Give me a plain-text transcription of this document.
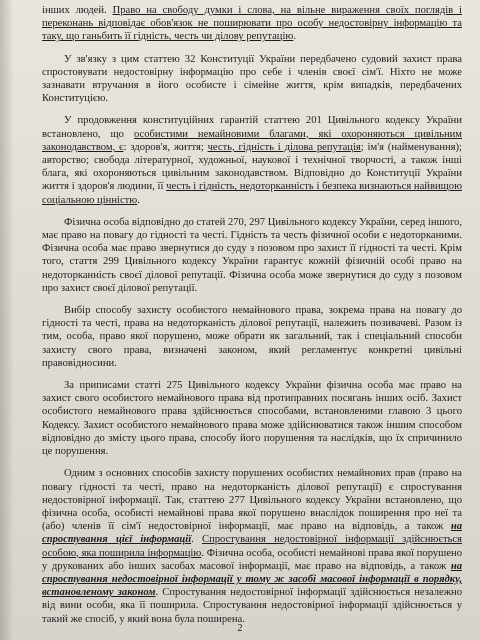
інших людей. Право на свободу думки і слова, на вільне вираження своїх поглядів і переконань відповідає обов'язок не поширювати про особу недостовірну інформацію та таку, що ганьбить її гідність, честь чи ділову репутацію.

У зв'язку з цим статтею 32 Конституції України передбачено судовий захист права спростовувати недостовірну інформацію про себе і членів своєї сім'ї. Ніхто не може зазнавати втручання в його особисте і сімейне життя, крім випадків, передбачених Конституцією.

У продовження конституційних гарантій статтею 201 Цивільного кодексу України встановлено, що особистими немайновими благами, які охороняються цивільним законодавством, є: здоров'я, життя; честь, гідність і ділова репутація; ім'я (найменування); авторство; свобода літературної, художньої, наукової і технічної творчості, а також інші блага, які охороняються цивільним законодавством. Відповідно до Конституції України життя і здоров'я людини, її честь і гідність, недоторканність і безпека визнаються найвищою соціальною цінністю.

Фізична особа відповідно до статей 270, 297 Цивільного кодексу України, серед іншого, має право на повагу до гідності та честі. Гідність та честь фізичної особи є недоторканими. Фізична особа має право звернутися до суду з позовом про захист її гідності та честі. Крім того, стаття 299 Цивільного кодексу України гарантує кожній фізичній особі право на недоторканність своєї ділової репутації. Фізична особа може звернутися до суду з позовом про захист своєї ділової репутації.

Вибір способу захисту особистого немайнового права, зокрема права на повагу до гідності та честі, права на недоторканість ділової репутації, належить позивачеві. Разом із тим, особа, право якої порушено, може обрати як загальний, так і спеціальний способи захисту свого права, визначені законом, який регламентує конкретні цивільні правовідносини.

За приписами статті 275 Цивільного кодексу України фізична особа має право на захист свого особистого немайнового права від протиправних посягань інших осіб. Захист особистого немайнового права здійснюється способами, встановленими главою 3 цього Кодексу. Захист особистого немайнового права може здійснюватися також іншим способом відповідно до змісту цього права, способу його порушення та наслідків, що їх спричинило це порушення.

Одним з основних способів захисту порушених особистих немайнових прав (право на повагу гідності та честі, право на недоторканість ділової репутації) є спростування недостовірної інформації. Так, статтею 277 Цивільного кодексу України встановлено, що фізична особа, особисті немайнові права якої порушено внаслідок поширення про неї та (або) членів її сім'ї недостовірної інформації, має право на відповідь, а також на спростування цієї інформації. Спростування недостовірної інформації здійснюється особою, яка поширила інформацію. Фізична особа, особисті немайнові права якої порушено у друкованих або інших засобах масової інформації, має право на відповідь, а також на спростування недостовірної інформації у тому ж засобі масової інформації в порядку, встановленому законом. Спростування недостовірної інформації здійснюється незалежно від вини особи, яка її поширила. Спростування недостовірної інформації здійснюється у такий же спосіб, у який вона була поширена.

2
